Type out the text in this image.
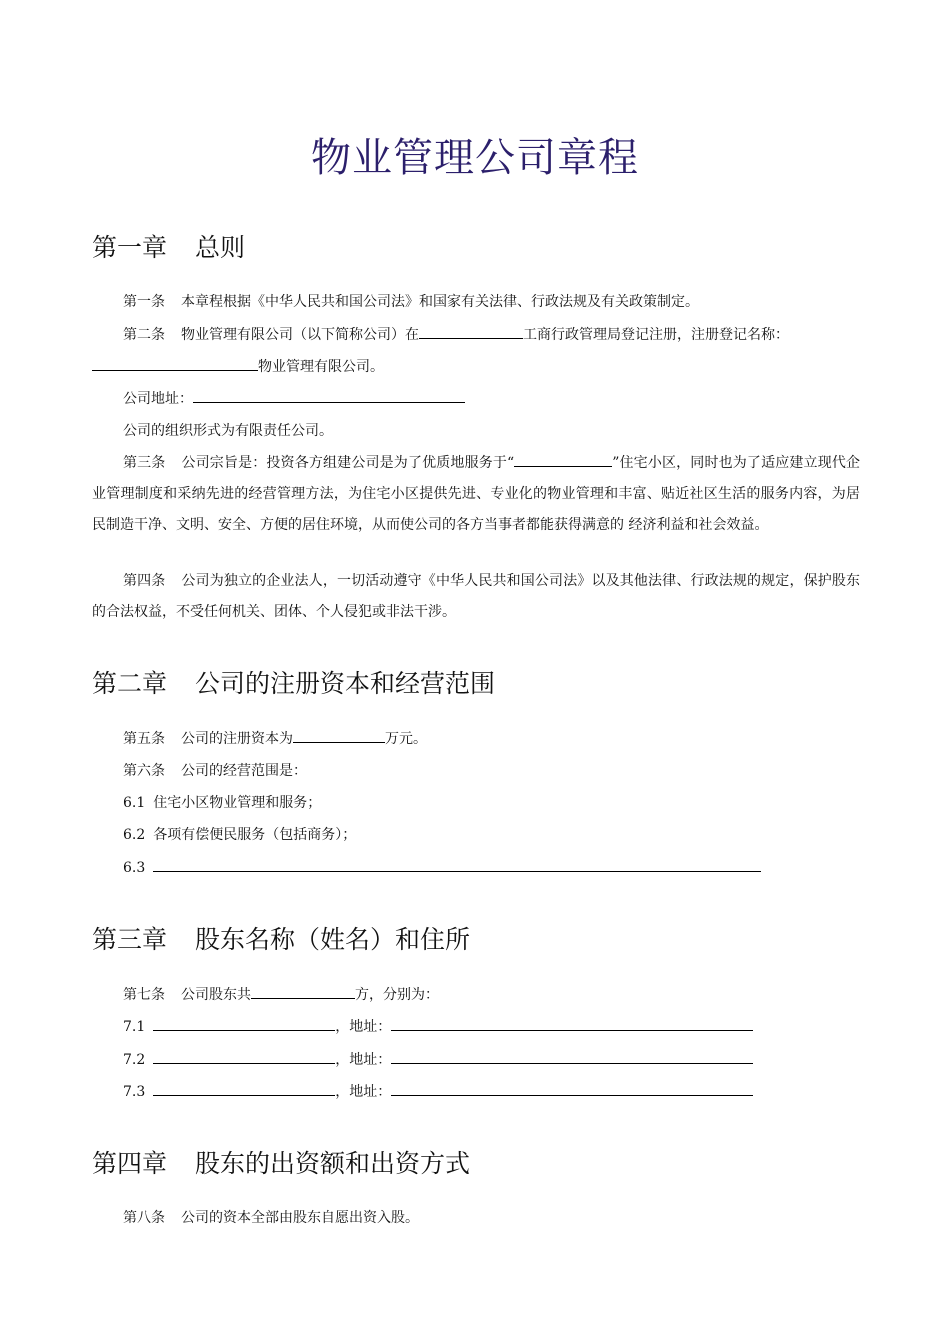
物业管理公司章程
第一章 总则
第一条 本章程根据《中华人民共和国公司法》和国家有关法律、行政法规及有关政策制定。
第二条 物业管理有限公司（以下简称公司）在	工商行政管理局登记注册，注册登记名称：
物业管理有限公司。
公司地址：
公司的组织形式为有限责任公司。
第三条 公司宗旨是：投资各方组建公司是为了优质地服务于“	”住宅小区，同时也为了适应建立现代企业管理制度和采纳先进的经营管理方法，为住宅小区提供先进、专业化的物业管理和丰富、贴近社区生活的服务内容，为居民制造干净、文明、安全、方便的居住环境，从而使公司的各方当事者都能获得满意的 经济利益和社会效益。
第四条 公司为独立的企业法人，一切活动遵守《中华人民共和国公司法》以及其他法律、行政法规的规定，保护股东的合法权益，不受任何机关、团体、个人侵犯或非法干涉。
第二章 公司的注册资本和经营范围
第五条 公司的注册资本为	万元。
第六条 公司的经营范围是：
6.1 住宅小区物业管理和服务；
6.2 各项有偿便民服务（包括商务）；
6.3
第三章 股东名称（姓名）和住所
第七条 公司股东共	方，分别为：
7.1	，地址：
7.2	，地址：
7.3	，地址：
第四章 股东的出资额和出资方式
第八条 公司的资本全部由股东自愿出资入股。
